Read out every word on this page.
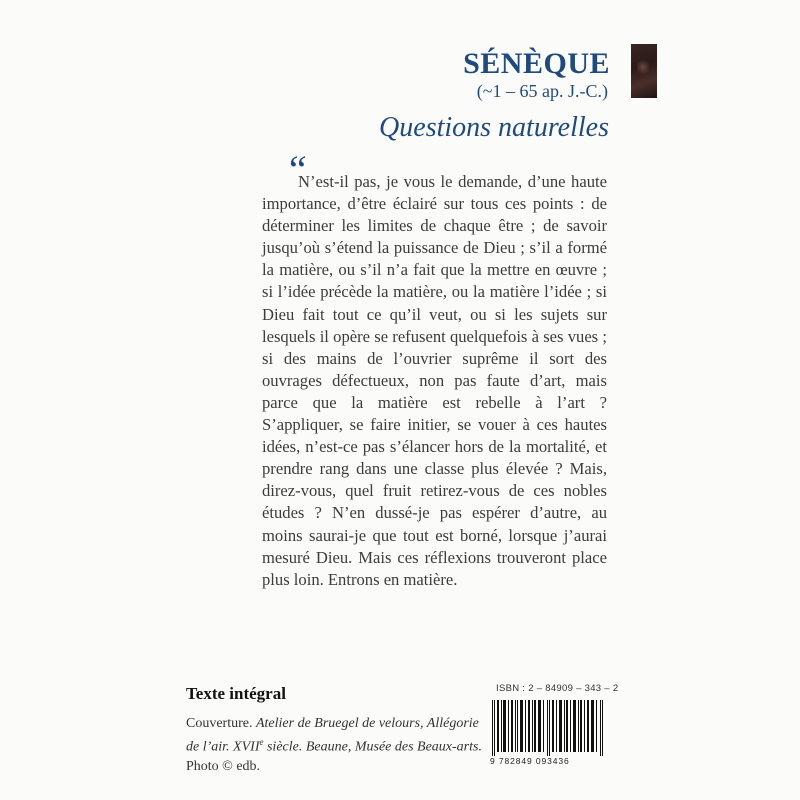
SÉNÈQUE
(~1 – 65 ap. J.-C.)
Questions naturelles
“
N’est-il pas, je vous le demande, d’une haute importance, d’être éclairé sur tous ces points : de déterminer les limites de chaque être ; de savoir jusqu’où s’étend la puissance de Dieu ; s’il a formé la matière, ou s’il n’a fait que la mettre en œuvre ; si l’idée précède la matière, ou la matière l’idée ; si Dieu fait tout ce qu’il veut, ou si les sujets sur lesquels il opère se refusent quelquefois à ses vues ; si des mains de l’ouvrier suprême il sort des ouvrages défectueux, non pas faute d’art, mais parce que la matière est rebelle à l’art ? S’appliquer, se faire initier, se vouer à ces hautes idées, n’est-ce pas s’élancer hors de la mortalité, et prendre rang dans une classe plus élevée ? Mais, direz-vous, quel fruit retirez-vous de ces nobles études ? N’en dussé-je pas espérer d’autre, au moins saurai-je que tout est borné, lorsque j’aurai mesuré Dieu. Mais ces réflexions trouveront place plus loin. Entrons en matière.
Texte intégral
Couverture. Atelier de Bruegel de velours, Allégorie de l’air. XVIIe siècle. Beaune, Musée des Beaux-arts. Photo © edb.
ISBN : 2 – 84909 – 343 – 2
9 782849 093436
